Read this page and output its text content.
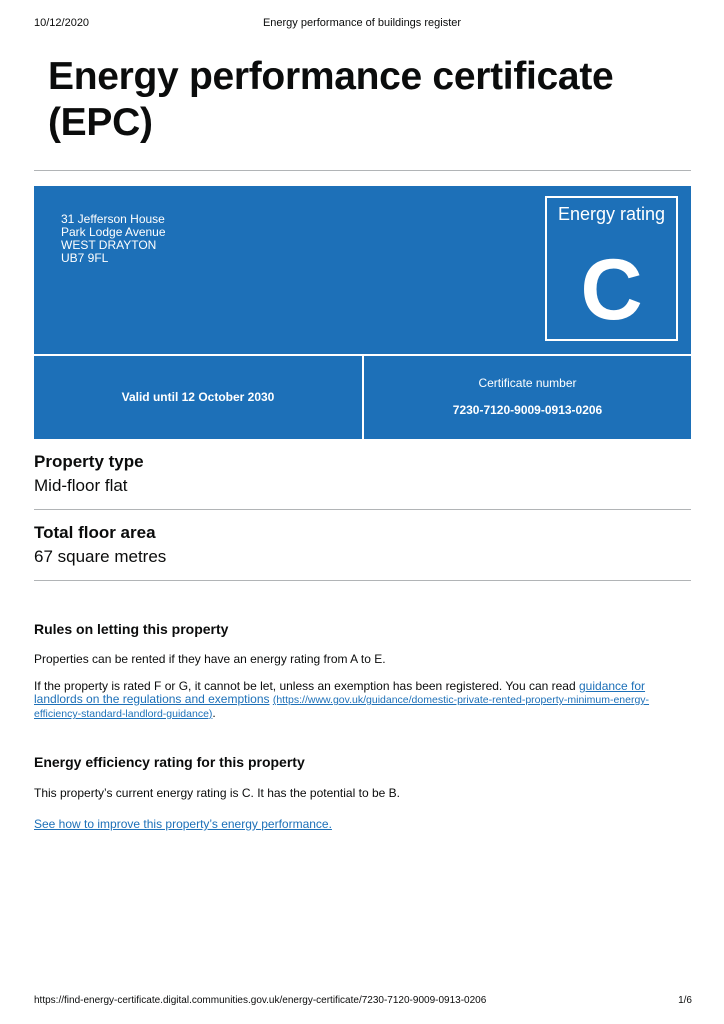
10/12/2020	Energy performance of buildings register
Energy performance certificate (EPC)
31 Jefferson House
Park Lodge Avenue
WEST DRAYTON
UB7 9FL
Energy rating
C
Valid until 12 October 2030
Certificate number
7230-7120-9009-0913-0206
Property type
Mid-floor flat
Total floor area
67 square metres
Rules on letting this property
Properties can be rented if they have an energy rating from A to E.
If the property is rated F or G, it cannot be let, unless an exemption has been registered. You can read guidance for landlords on the regulations and exemptions (https://www.gov.uk/guidance/domestic-private-rented-property-minimum-energy-efficiency-standard-landlord-guidance).
Energy efficiency rating for this property
This property’s current energy rating is C. It has the potential to be B.
See how to improve this property’s energy performance.
https://find-energy-certificate.digital.communities.gov.uk/energy-certificate/7230-7120-9009-0913-0206	1/6
